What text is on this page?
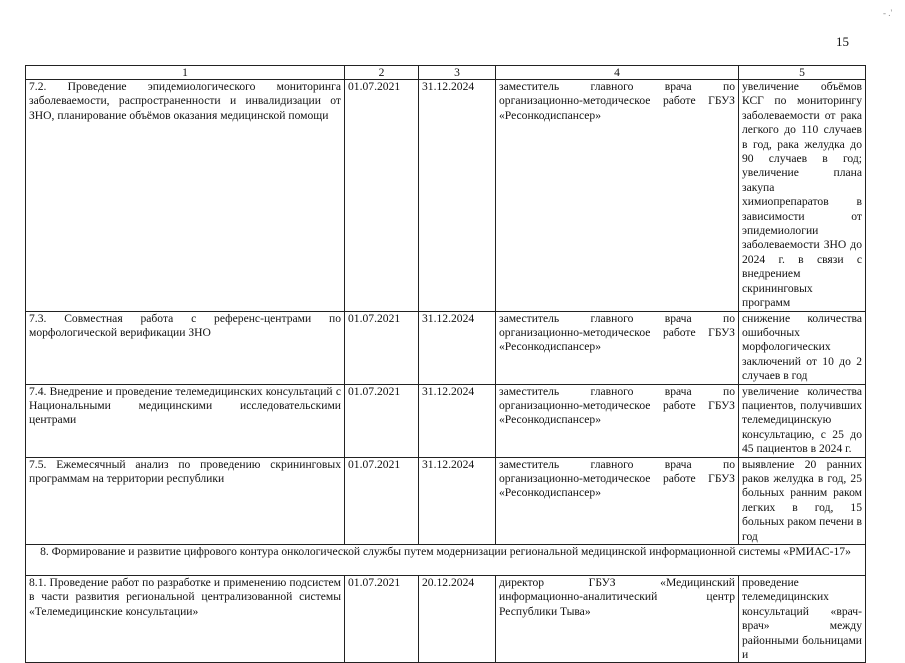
15
- .'
1	2	3	4	5
7.2. Проведение эпидемиологического мониторинга заболеваемости, распространенности и инвалидизации от ЗНО, планирование объёмов оказания медицинской помощи	01.07.2021	31.12.2024	заместитель главного врача по организационно-методическое работе ГБУЗ «Ресонкодиспансер»	увеличение объёмов КСГ по мониторингу заболеваемости от рака легкого до 110 случаев в год, рака желудка до 90 случаев в год; увеличение плана закупа химиопрепаратов в зависимости от эпидемиологии заболеваемости ЗНО до 2024 г. в связи с внедрением скрининговых программ
7.3. Совместная работа с референс-центрами по морфологической верификации ЗНО	01.07.2021	31.12.2024	заместитель главного врача по организационно-методическое работе ГБУЗ «Ресонкодиспансер»	снижение количества ошибочных морфологических заключений от 10 до 2 случаев в год
7.4. Внедрение и проведение телемедицинских консультаций с Национальными медицинскими исследовательскими центрами	01.07.2021	31.12.2024	заместитель главного врача по организационно-методическое работе ГБУЗ «Ресонкодиспансер»	увеличение количества пациентов, получивших телемедицинскую консультацию, с 25 до 45 пациентов в 2024 г.
7.5. Ежемесячный анализ по проведению скрининговых программам на территории республики	01.07.2021	31.12.2024	заместитель главного врача по организационно-методическое работе ГБУЗ «Ресонкодиспансер»	выявление 20 ранних раков желудка в год, 25 больных ранним раком легких в год, 15 больных раком печени в год
8. Формирование и развитие цифрового контура онкологической службы путем модернизации региональной медицинской информационной системы «РМИАС-17»				
8.1. Проведение работ по разработке и применению подсистем в части развития региональной централизованной системы «Телемедицинские консультации»	01.07.2021	20.12.2024	директор ГБУЗ «Медицинский информационно-аналитический центр Республики Тыва»	проведение телемедицинских консультаций «врач-врач» между районными больницами и
